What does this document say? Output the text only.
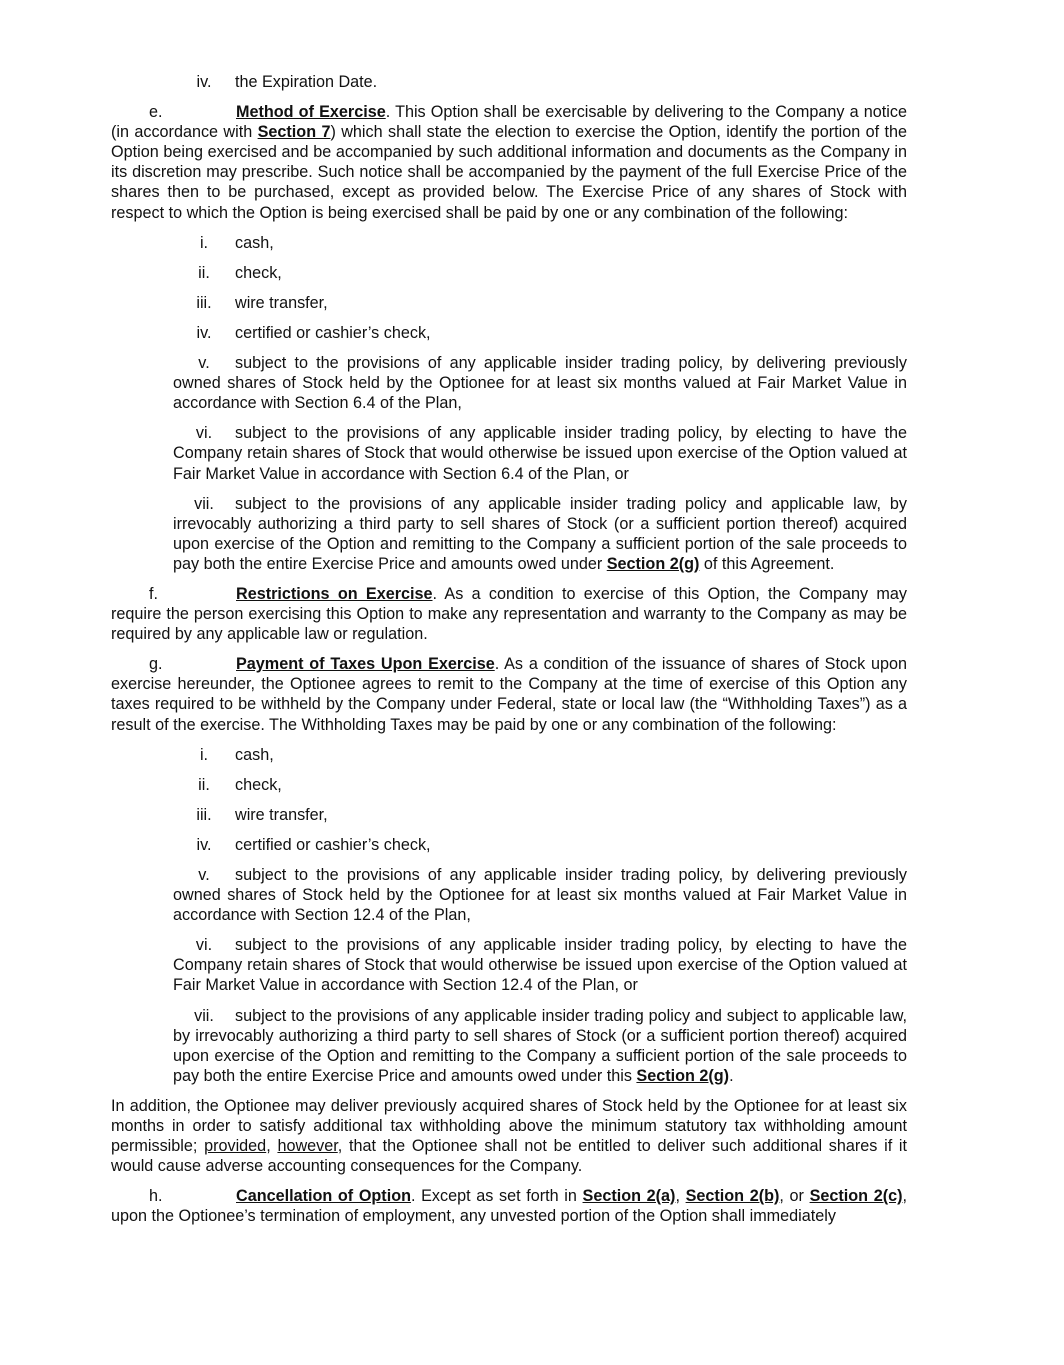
iv. the Expiration Date.

e.	Method of Exercise. This Option shall be exercisable by delivering to the Company a notice (in accordance with Section 7) which shall state the election to exercise the Option, identify the portion of the Option being exercised and be accompanied by such additional information and documents as the Company in its discretion may prescribe. Such notice shall be accompanied by the payment of the full Exercise Price of the shares then to be purchased, except as provided below. The Exercise Price of any shares of Stock with respect to which the Option is being exercised shall be paid by one or any combination of the following:

i. cash,
ii. check,
iii. wire transfer,
iv. certified or cashier’s check,
v. subject to the provisions of any applicable insider trading policy, by delivering previously owned shares of Stock held by the Optionee for at least six months valued at Fair Market Value in accordance with Section 6.4 of the Plan,
vi. subject to the provisions of any applicable insider trading policy, by electing to have the Company retain shares of Stock that would otherwise be issued upon exercise of the Option valued at Fair Market Value in accordance with Section 6.4 of the Plan, or
vii. subject to the provisions of any applicable insider trading policy and applicable law, by irrevocably authorizing a third party to sell shares of Stock (or a sufficient portion thereof) acquired upon exercise of the Option and remitting to the Company a sufficient portion of the sale proceeds to pay both the entire Exercise Price and amounts owed under Section 2(g) of this Agreement.

f.	Restrictions on Exercise. As a condition to exercise of this Option, the Company may require the person exercising this Option to make any representation and warranty to the Company as may be required by any applicable law or regulation.

g.	Payment of Taxes Upon Exercise. As a condition of the issuance of shares of Stock upon exercise hereunder, the Optionee agrees to remit to the Company at the time of exercise of this Option any taxes required to be withheld by the Company under Federal, state or local law (the “Withholding Taxes”) as a result of the exercise. The Withholding Taxes may be paid by one or any combination of the following:

i. cash,
ii. check,
iii. wire transfer,
iv. certified or cashier’s check,
v. subject to the provisions of any applicable insider trading policy, by delivering previously owned shares of Stock held by the Optionee for at least six months valued at Fair Market Value in accordance with Section 12.4 of the Plan,
vi. subject to the provisions of any applicable insider trading policy, by electing to have the Company retain shares of Stock that would otherwise be issued upon exercise of the Option valued at Fair Market Value in accordance with Section 12.4 of the Plan, or
vii. subject to the provisions of any applicable insider trading policy and subject to applicable law, by irrevocably authorizing a third party to sell shares of Stock (or a sufficient portion thereof) acquired upon exercise of the Option and remitting to the Company a sufficient portion of the sale proceeds to pay both the entire Exercise Price and amounts owed under this Section 2(g).

In addition, the Optionee may deliver previously acquired shares of Stock held by the Optionee for at least six months in order to satisfy additional tax withholding above the minimum statutory tax withholding amount permissible; provided, however, that the Optionee shall not be entitled to deliver such additional shares if it would cause adverse accounting consequences for the Company.

h.	Cancellation of Option. Except as set forth in Section 2(a), Section 2(b), or Section 2(c), upon the Optionee’s termination of employment, any unvested portion of the Option shall immediately
